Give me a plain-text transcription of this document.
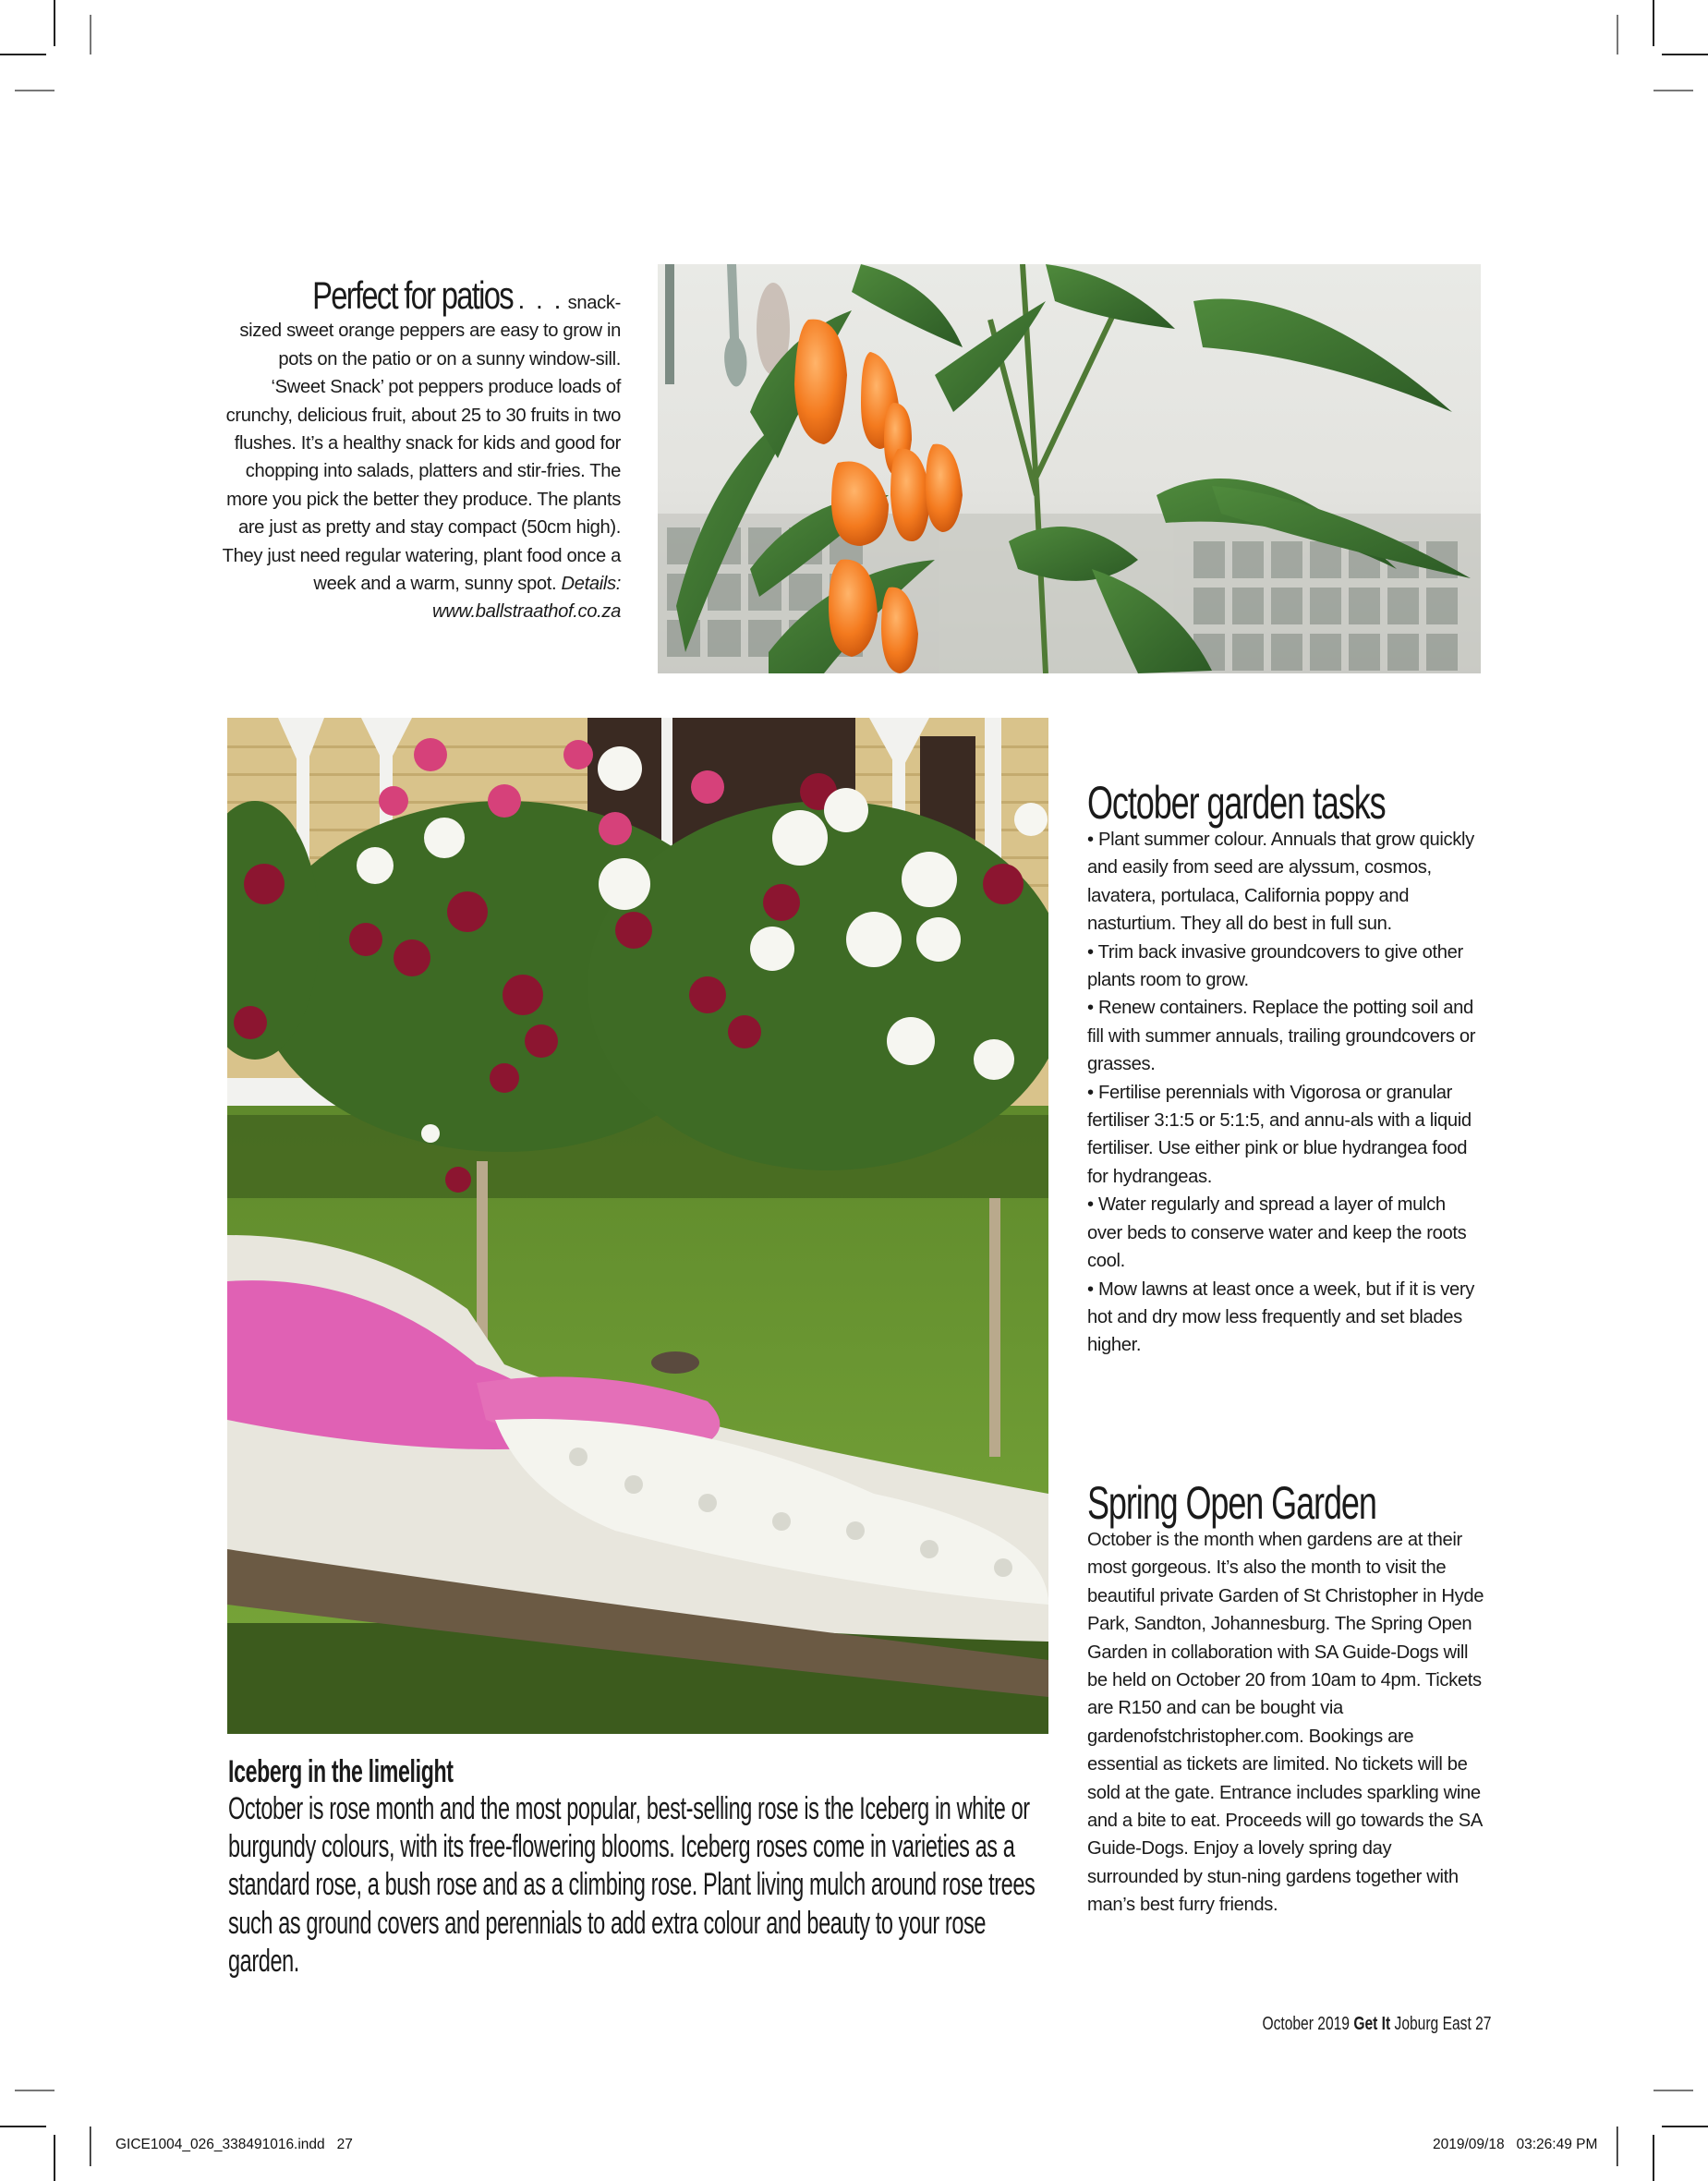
Perfect for patios . . . snack-sized sweet orange peppers are easy to grow in pots on the patio or on a sunny window-sill. ‘Sweet Snack’ pot peppers produce loads of crunchy, delicious fruit, about 25 to 30 fruits in two flushes. It’s a healthy snack for kids and good for chopping into salads, platters and stir-fries. The more you pick the better they produce. The plants are just as pretty and stay compact (50cm high). They just need regular watering, plant food once a week and a warm, sunny spot. Details: www.ballstraathof.co.za
October garden tasks

• Plant summer colour. Annuals that grow quickly and easily from seed are alyssum, cosmos, lavatera, portulaca, California poppy and nasturtium. They all do best in full sun.

• Trim back invasive groundcovers to give other plants room to grow.

• Renew containers. Replace the potting soil and fill with summer annuals, trailing groundcovers or grasses.

• Fertilise perennials with Vigorosa or granular fertiliser 3:1:5 or 5:1:5, and annu-als with a liquid fertiliser. Use either pink or blue hydrangea food for hydrangeas.

• Water regularly and spread a layer of mulch over beds to conserve water and keep the roots cool.

• Mow lawns at least once a week, but if it is very hot and dry mow less frequently and set blades higher.

Spring Open Garden

October is the month when gardens are at their most gorgeous. It’s also the month to visit the beautiful private Garden of St Christopher in Hyde Park, Sandton, Johannesburg. The Spring Open Garden in collaboration with SA Guide-Dogs will be held on October 20 from 10am to 4pm. Tickets are R150 and can be bought via gardenofstchristopher.com. Bookings are essential as tickets are limited. No tickets will be sold at the gate. Entrance includes sparkling wine and a bite to eat. Proceeds will go towards the SA Guide-Dogs. Enjoy a lovely spring day surrounded by stun-ning gardens together with man’s best furry friends.

Iceberg in the limelight
October is rose month and the most popular, best-selling rose is the Iceberg in white or burgundy colours, with its free-flowering blooms. Iceberg roses come in varieties as a standard rose, a bush rose and as a climbing rose. Plant living mulch around rose trees such as ground covers and perennials to add extra colour and beauty to your rose garden.
October 2019 Get It Joburg East 27
GICE1004_026_338491016.indd   27	2019/09/18   03:26:49 PM
